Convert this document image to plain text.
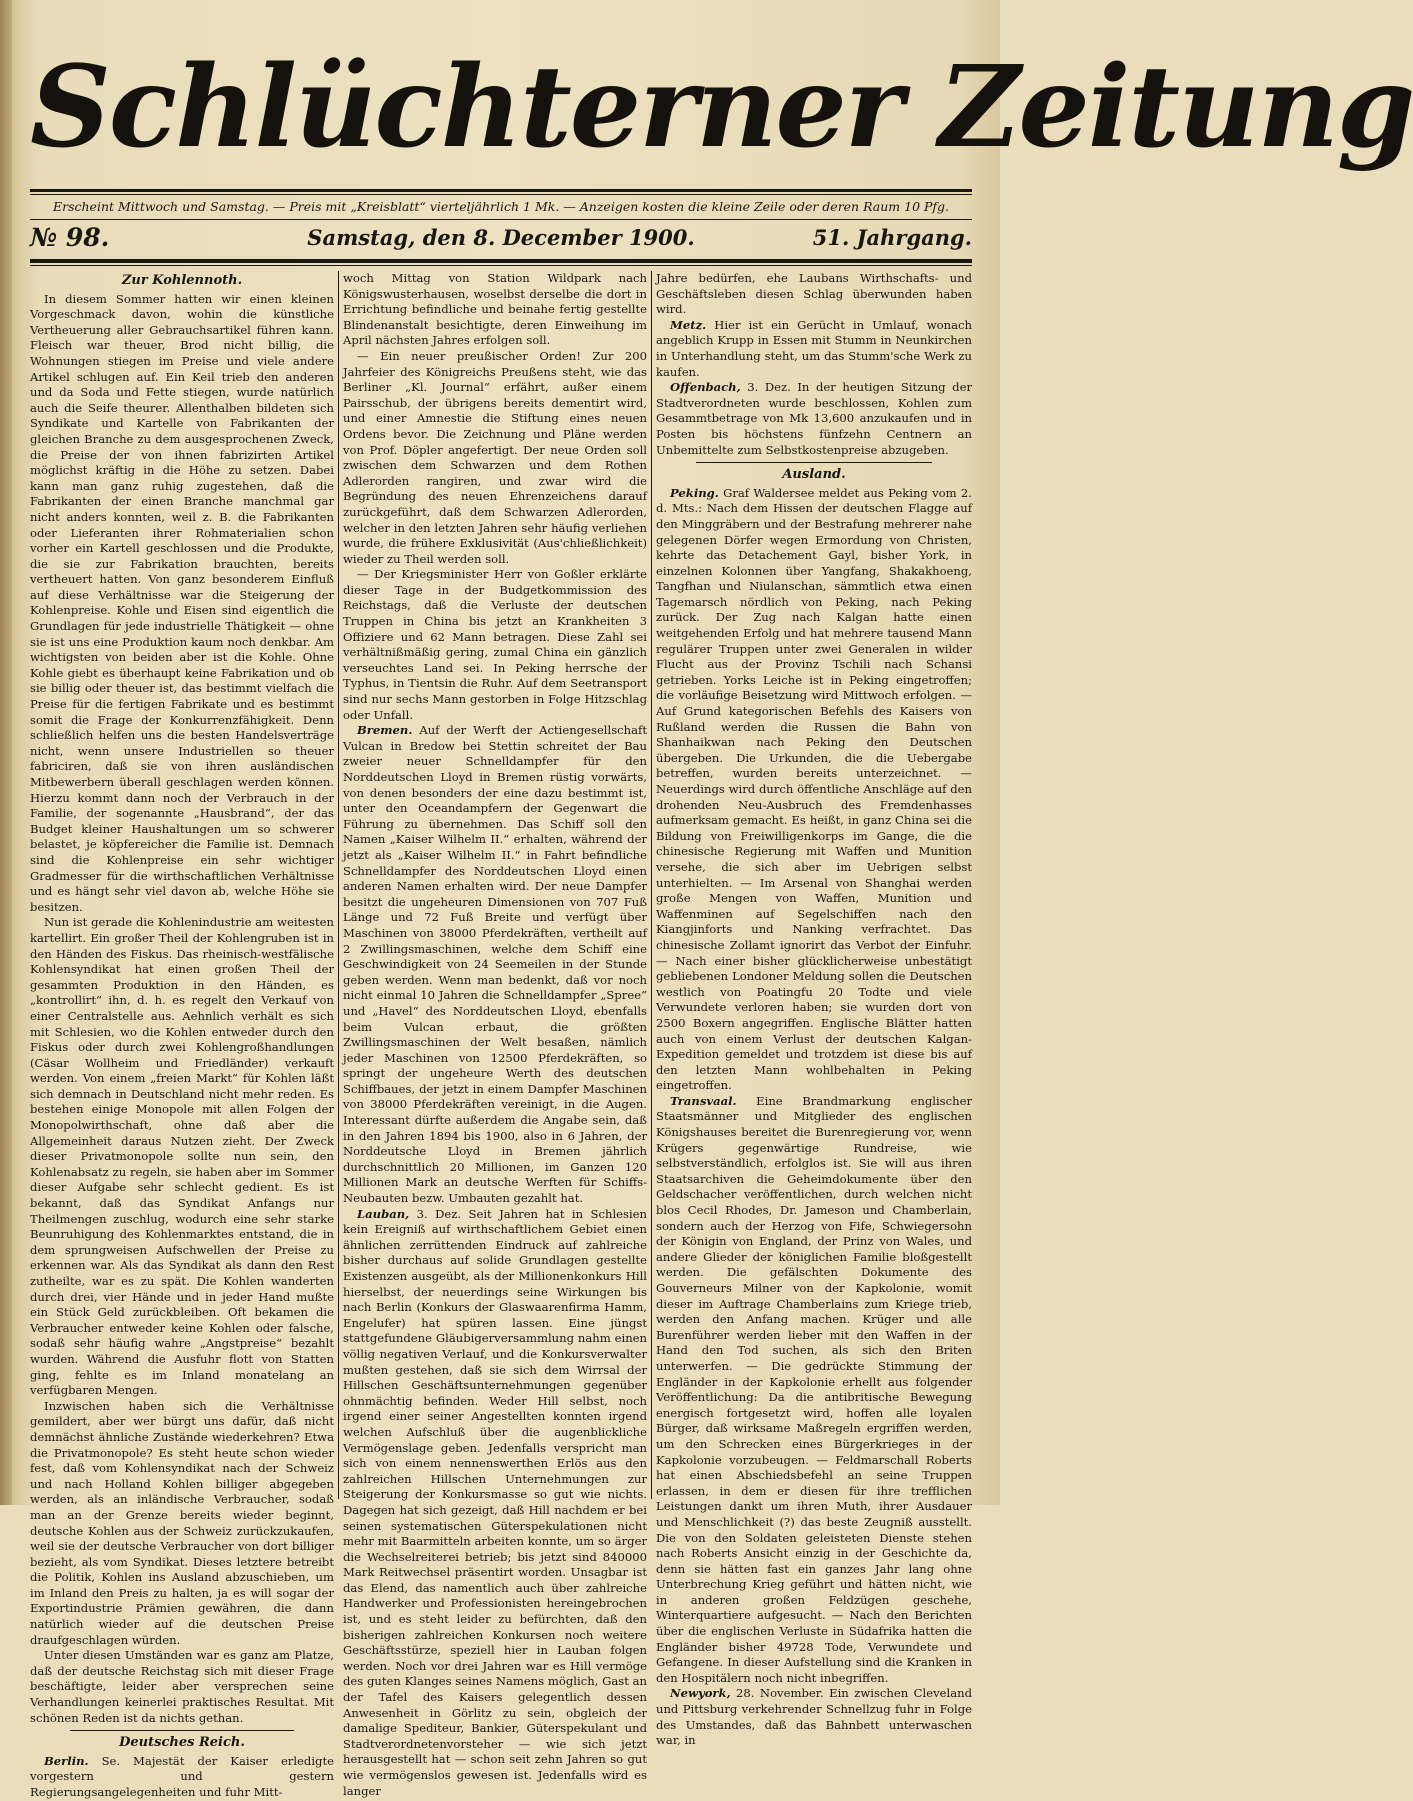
Schlüchterner Zeitung
Erscheint Mittwoch und Samstag. — Preis mit „Kreisblatt“ vierteljährlich 1 Mk. — Anzeigen kosten die kleine Zeile oder deren Raum 10 Pfg.
№ 98.	Samstag, den 8. December 1900.	51. Jahrgang.
Zur Kohlennoth.

In diesem Sommer hatten wir einen kleinen Vorgeschmack davon, wohin die künstliche Vertheuerung aller Gebrauchsartikel führen kann. Fleisch war theuer, Brod nicht billig, die Wohnungen stiegen im Preise und viele andere Artikel schlugen auf. Ein Keil trieb den anderen und da Soda und Fette stiegen, wurde natürlich auch die Seife theurer. Allenthalben bildeten sich Syndikate und Kartelle von Fabrikanten der gleichen Branche zu dem ausgesprochenen Zweck, die Preise der von ihnen fabrizirten Artikel möglichst kräftig in die Höhe zu setzen. Dabei kann man ganz ruhig zugestehen, daß die Fabrikanten der einen Branche manchmal gar nicht anders konnten, weil z. B. die Fabrikanten oder Lieferanten ihrer Rohmaterialien schon vorher ein Kartell geschlossen und die Produkte, die sie zur Fabrikation brauchten, bereits vertheuert hatten. Von ganz besonderem Einfluß auf diese Verhältnisse war die Steigerung der Kohlenpreise. Kohle und Eisen sind eigentlich die Grundlagen für jede industrielle Thätigkeit — ohne sie ist uns eine Produktion kaum noch denkbar. Am wichtigsten von beiden aber ist die Kohle. Ohne Kohle giebt es überhaupt keine Fabrikation und ob sie billig oder theuer ist, das bestimmt vielfach die Preise für die fertigen Fabrikate und es bestimmt somit die Frage der Konkurrenzfähigkeit. Denn schließlich helfen uns die besten Handelsverträge nicht, wenn unsere Industriellen so theuer fabriciren, daß sie von ihren ausländischen Mitbewerbern überall geschlagen werden können. Hierzu kommt dann noch der Verbrauch in der Familie, der sogenannte „Hausbrand“, der das Budget kleiner Haushaltungen um so schwerer belastet, je köpfereicher die Familie ist. Demnach sind die Kohlenpreise ein sehr wichtiger Gradmesser für die wirthschaftlichen Verhältnisse und es hängt sehr viel davon ab, welche Höhe sie besitzen.

Nun ist gerade die Kohlenindustrie am weitesten kartellirt. Ein großer Theil der Kohlengruben ist in den Händen des Fiskus. Das rheinisch-westfälische Kohlensyndikat hat einen großen Theil der gesammten Produktion in den Händen, es „kontrollirt“ ihn, d. h. es regelt den Verkauf von einer Centralstelle aus. Aehnlich verhält es sich mit Schlesien, wo die Kohlen entweder durch den Fiskus oder durch zwei Kohlengroßhandlungen (Cäsar Wollheim und Friedländer) verkauft werden. Von einem „freien Markt“ für Kohlen läßt sich demnach in Deutschland nicht mehr reden. Es bestehen einige Monopole mit allen Folgen der Monopolwirthschaft, ohne daß aber die Allgemeinheit daraus Nutzen zieht. Der Zweck dieser Privatmonopole sollte nun sein, den Kohlenabsatz zu regeln, sie haben aber im Sommer dieser Aufgabe sehr schlecht gedient. Es ist bekannt, daß das Syndikat Anfangs nur Theilmengen zuschlug, wodurch eine sehr starke Beunruhigung des Kohlenmarktes entstand, die in dem sprungweisen Aufschwellen der Preise zu erkennen war. Als das Syndikat als dann den Rest zutheilte, war es zu spät. Die Kohlen wanderten durch drei, vier Hände und in jeder Hand mußte ein Stück Geld zurückbleiben. Oft bekamen die Verbraucher entweder keine Kohlen oder falsche, sodaß sehr häufig wahre „Angstpreise“ bezahlt wurden. Während die Ausfuhr flott von Statten ging, fehlte es im Inland monatelang an verfügbaren Mengen.

Inzwischen haben sich die Verhältnisse gemildert, aber wer bürgt uns dafür, daß nicht demnächst ähnliche Zustände wiederkehren? Etwa die Privatmonopole? Es steht heute schon wieder fest, daß vom Kohlensyndikat nach der Schweiz und nach Holland Kohlen billiger abgegeben werden, als an inländische Verbraucher, sodaß man an der Grenze bereits wieder beginnt, deutsche Kohlen aus der Schweiz zurückzukaufen, weil sie der deutsche Verbraucher von dort billiger bezieht, als vom Syndikat. Dieses letztere betreibt die Politik, Kohlen ins Ausland abzuschieben, um im Inland den Preis zu halten, ja es will sogar der Exportindustrie Prämien gewähren, die dann natürlich wieder auf die deutschen Preise draufgeschlagen würden.

Unter diesen Umständen war es ganz am Platze, daß der deutsche Reichstag sich mit dieser Frage beschäftigte, leider aber versprechen seine Verhandlungen keinerlei praktisches Resultat. Mit schönen Reden ist da nichts gethan.

Deutsches Reich.

Berlin. Se. Majestät der Kaiser erledigte vorgestern und gestern Regierungsangelegenheiten und fuhr Mitt-

woch Mittag von Station Wildpark nach Königswusterhausen, woselbst derselbe die dort in Errichtung befindliche und beinahe fertig gestellte Blindenanstalt besichtigte, deren Einweihung im April nächsten Jahres erfolgen soll.

— Ein neuer preußischer Orden! Zur 200 Jahrfeier des Königreichs Preußens steht, wie das Berliner „Kl. Journal“ erfährt, außer einem Pairsschub, der übrigens bereits dementirt wird, und einer Amnestie die Stiftung eines neuen Ordens bevor. Die Zeichnung und Pläne werden von Prof. Döpler angefertigt. Der neue Orden soll zwischen dem Schwarzen und dem Rothen Adlerorden rangiren, und zwar wird die Begründung des neuen Ehrenzeichens darauf zurückgeführt, daß dem Schwarzen Adlerorden, welcher in den letzten Jahren sehr häufig verliehen wurde, die frühere Exklusivität (Aus'chließlichkeit) wieder zu Theil werden soll.

— Der Kriegsminister Herr von Goßler erklärte dieser Tage in der Budgetkommission des Reichstags, daß die Verluste der deutschen Truppen in China bis jetzt an Krankheiten 3 Offiziere und 62 Mann betragen. Diese Zahl sei verhältnißmäßig gering, zumal China ein gänzlich verseuchtes Land sei. In Peking herrsche der Typhus, in Tientsin die Ruhr. Auf dem Seetransport sind nur sechs Mann gestorben in Folge Hitzschlag oder Unfall.

Bremen. Auf der Werft der Actiengesellschaft Vulcan in Bredow bei Stettin schreitet der Bau zweier neuer Schnelldampfer für den Norddeutschen Lloyd in Bremen rüstig vorwärts, von denen besonders der eine dazu bestimmt ist, unter den Oceandampfern der Gegenwart die Führung zu übernehmen. Das Schiff soll den Namen „Kaiser Wilhelm II.“ erhalten, während der jetzt als „Kaiser Wilhelm II.“ in Fahrt befindliche Schnelldampfer des Norddeutschen Lloyd einen anderen Namen erhalten wird. Der neue Dampfer besitzt die ungeheuren Dimensionen von 707 Fuß Länge und 72 Fuß Breite und verfügt über Maschinen von 38000 Pferdekräften, vertheilt auf 2 Zwillingsmaschinen, welche dem Schiff eine Geschwindigkeit von 24 Seemeilen in der Stunde geben werden. Wenn man bedenkt, daß vor noch nicht einmal 10 Jahren die Schnelldampfer „Spree“ und „Havel“ des Norddeutschen Lloyd, ebenfalls beim Vulcan erbaut, die größten Zwillingsmaschinen der Welt besaßen, nämlich jeder Maschinen von 12500 Pferdekräften, so springt der ungeheure Werth des deutschen Schiffbaues, der jetzt in einem Dampfer Maschinen von 38000 Pferdekräften vereinigt, in die Augen. Interessant dürfte außerdem die Angabe sein, daß in den Jahren 1894 bis 1900, also in 6 Jahren, der Norddeutsche Lloyd in Bremen jährlich durchschnittlich 20 Millionen, im Ganzen 120 Millionen Mark an deutsche Werften für Schiffs-Neubauten bezw. Umbauten gezahlt hat.

Lauban, 3. Dez. Seit Jahren hat in Schlesien kein Ereigniß auf wirthschaftlichem Gebiet einen ähnlichen zerrüttenden Eindruck auf zahlreiche bisher durchaus auf solide Grundlagen gestellte Existenzen ausgeübt, als der Millionenkonkurs Hill hierselbst, der neuerdings seine Wirkungen bis nach Berlin (Konkurs der Glaswaarenfirma Hamm, Engelufer) hat spüren lassen. Eine jüngst stattgefundene Gläubigerversammlung nahm einen völlig negativen Verlauf, und die Konkursverwalter mußten gestehen, daß sie sich dem Wirrsal der Hillschen Geschäftsunternehmungen gegenüber ohnmächtig befinden. Weder Hill selbst, noch irgend einer seiner Angestellten konnten irgend welchen Aufschluß über die augenblickliche Vermögenslage geben. Jedenfalls verspricht man sich von einem nennenswerthen Erlös aus den zahlreichen Hillschen Unternehmungen zur Steigerung der Konkursmasse so gut wie nichts. Dagegen hat sich gezeigt, daß Hill nachdem er bei seinen systematischen Güterspekulationen nicht mehr mit Baarmitteln arbeiten konnte, um so ärger die Wechselreiterei betrieb; bis jetzt sind 840000 Mark Reitwechsel präsentirt worden. Unsagbar ist das Elend, das namentlich auch über zahlreiche Handwerker und Professionisten hereingebrochen ist, und es steht leider zu befürchten, daß den bisherigen zahlreichen Konkursen noch weitere Geschäftsstürze, speziell hier in Lauban folgen werden. Noch vor drei Jahren war es Hill vermöge des guten Klanges seines Namens möglich, Gast an der Tafel des Kaisers gelegentlich dessen Anwesenheit in Görlitz zu sein, obgleich der damalige Spediteur, Bankier, Güterspekulant und Stadtverordnetenvorsteher — wie sich jetzt herausgestellt hat — schon seit zehn Jahren so gut wie vermögenslos gewesen ist. Jedenfalls wird es langer

Jahre bedürfen, ehe Laubans Wirthschafts- und Geschäftsleben diesen Schlag überwunden haben wird.

Metz. Hier ist ein Gerücht in Umlauf, wonach angeblich Krupp in Essen mit Stumm in Neunkirchen in Unterhandlung steht, um das Stumm'sche Werk zu kaufen.

Offenbach, 3. Dez. In der heutigen Sitzung der Stadtverordneten wurde beschlossen, Kohlen zum Gesammtbetrage von Mk 13,600 anzukaufen und in Posten bis höchstens fünfzehn Centnern an Unbemittelte zum Selbstkostenpreise abzugeben.

Ausland.

Peking. Graf Waldersee meldet aus Peking vom 2. d. Mts.: Nach dem Hissen der deutschen Flagge auf den Minggräbern und der Bestrafung mehrerer nahe gelegenen Dörfer wegen Ermordung von Christen, kehrte das Detachement Gayl, bisher York, in einzelnen Kolonnen über Yangfang, Shakakhoeng, Tangfhan und Niulanschan, sämmtlich etwa einen Tagemarsch nördlich von Peking, nach Peking zurück. Der Zug nach Kalgan hatte einen weitgehenden Erfolg und hat mehrere tausend Mann regulärer Truppen unter zwei Generalen in wilder Flucht aus der Provinz Tschili nach Schansi getrieben. Yorks Leiche ist in Peking eingetroffen; die vorläufige Beisetzung wird Mittwoch erfolgen. — Auf Grund kategorischen Befehls des Kaisers von Rußland werden die Russen die Bahn von Shanhaikwan nach Peking den Deutschen übergeben. Die Urkunden, die die Uebergabe betreffen, wurden bereits unterzeichnet. — Neuerdings wird durch öffentliche Anschläge auf den drohenden Neu-Ausbruch des Fremdenhasses aufmerksam gemacht. Es heißt, in ganz China sei die Bildung von Freiwilligenkorps im Gange, die die chinesische Regierung mit Waffen und Munition versehe, die sich aber im Uebrigen selbst unterhielten. — Im Arsenal von Shanghai werden große Mengen von Waffen, Munition und Waffenminen auf Segelschiffen nach den Kiangjinforts und Nanking verfrachtet. Das chinesische Zollamt ignorirt das Verbot der Einfuhr. — Nach einer bisher glücklicherweise unbestätigt gebliebenen Londoner Meldung sollen die Deutschen westlich von Poatingfu 20 Todte und viele Verwundete verloren haben; sie wurden dort von 2500 Boxern angegriffen. Englische Blätter hatten auch von einem Verlust der deutschen Kalgan-Expedition gemeldet und trotzdem ist diese bis auf den letzten Mann wohlbehalten in Peking eingetroffen.

Transvaal. Eine Brandmarkung englischer Staatsmänner und Mitglieder des englischen Königshauses bereitet die Burenregierung vor, wenn Krügers gegenwärtige Rundreise, wie selbstverständlich, erfolglos ist. Sie will aus ihren Staatsarchiven die Geheimdokumente über den Geldschacher veröffentlichen, durch welchen nicht blos Cecil Rhodes, Dr. Jameson und Chamberlain, sondern auch der Herzog von Fife, Schwiegersohn der Königin von England, der Prinz von Wales, und andere Glieder der königlichen Familie bloßgestellt werden. Die gefälschten Dokumente des Gouverneurs Milner von der Kapkolonie, womit dieser im Auftrage Chamberlains zum Kriege trieb, werden den Anfang machen. Krüger und alle Burenführer werden lieber mit den Waffen in der Hand den Tod suchen, als sich den Briten unterwerfen. — Die gedrückte Stimmung der Engländer in der Kapkolonie erhellt aus folgender Veröffentlichung: Da die antibritische Bewegung energisch fortgesetzt wird, hoffen alle loyalen Bürger, daß wirksame Maßregeln ergriffen werden, um den Schrecken eines Bürgerkrieges in der Kapkolonie vorzubeugen. — Feldmarschall Roberts hat einen Abschiedsbefehl an seine Truppen erlassen, in dem er diesen für ihre trefflichen Leistungen dankt um ihren Muth, ihrer Ausdauer und Menschlichkeit (?) das beste Zeugniß ausstellt. Die von den Soldaten geleisteten Dienste stehen nach Roberts Ansicht einzig in der Geschichte da, denn sie hätten fast ein ganzes Jahr lang ohne Unterbrechung Krieg geführt und hätten nicht, wie in anderen großen Feldzügen geschehe, Winterquartiere aufgesucht. — Nach den Berichten über die englischen Verluste in Südafrika hatten die Engländer bisher 49728 Tode, Verwundete und Gefangene. In dieser Aufstellung sind die Kranken in den Hospitälern noch nicht inbegriffen.

Newyork, 28. November. Ein zwischen Cleveland und Pittsburg verkehrender Schnellzug fuhr in Folge des Umstandes, daß das Bahnbett unterwaschen war, in
